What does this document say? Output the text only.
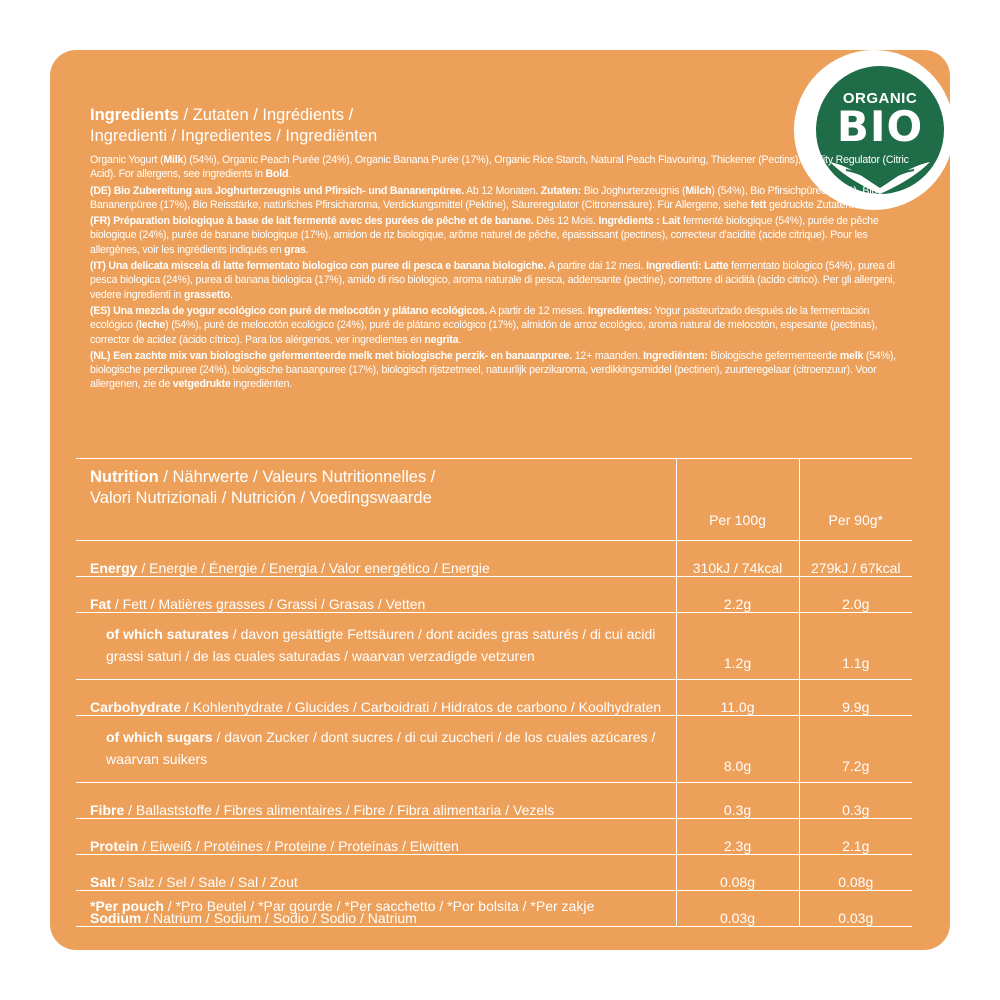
ORGANIC
BIO
Ingredients / Zutaten / Ingrédients /
Ingredienti / Ingredientes / Ingrediënten

Organic Yogurt (Milk) (54%), Organic Peach Purée (24%), Organic Banana Purée (17%), Organic Rice Starch, Natural Peach Flavouring, Thickener (Pectins), Acidity Regulator (Citric Acid). For allergens, see ingredients in Bold.

(DE) Bio Zubereitung aus Joghurterzeugnis und Pfirsich- und Bananenpüree. Ab 12 Monaten. Zutaten: Bio Joghurterzeugnis (Milch) (54%), Bio Pfirsichpüree (24%), Bio Bananenpüree (17%), Bio Reisstärke, natürliches Pfirsicharoma, Verdickungsmittel (Pektine), Säureregulator (Citronensäure). Für Allergene, siehe fett gedruckte Zutaten.

(FR) Préparation biologique à base de lait fermenté avec des purées de pêche et de banane. Dès 12 Mois. Ingrédients : Lait fermenté biologique (54%), purée de pêche biologique (24%), purée de banane biologique (17%), amidon de riz biologique, arôme naturel de pêche, épaississant (pectines), correcteur d'acidité (acide citrique). Pour les allergènes, voir les ingrédients indiqués en gras.

(IT) Una delicata miscela di latte fermentato biologico con puree di pesca e banana biologiche. A partire dai 12 mesi. Ingredienti: Latte fermentato biologico (54%), purea di pesca biologica (24%), purea di banana biologica (17%), amido di riso biologico, aroma naturale di pesca, addensante (pectine), correttore di acidità (acido citrico). Per gli allergeni, vedere ingredienti in grassetto.

(ES) Una mezcla de yogur ecológico con puré de melocotón y plátano ecológicos. A partir de 12 meses. Ingredientes: Yogur pasteurizado después de la fermentación ecológico (leche) (54%), puré de melocotón ecológico (24%), puré de plátano ecológico (17%), almidón de arroz ecológico, aroma natural de melocotón, espesante (pectinas), corrector de acidez (ácido cítrico). Para los alérgenos, ver ingredientes en negrita.

(NL) Een zachte mix van biologische gefermenteerde melk met biologische perzik- en banaanpuree. 12+ maanden. Ingrediënten: Biologische gefermenteerde melk (54%), biologische perzikpuree (24%), biologische banaanpuree (17%), biologisch rijstzetmeel, natuurlijk perzikaroma, verdikkingsmiddel (pectinen), zuurteregelaar (citroenzuur). Voor allergenen, zie de vetgedrukte ingrediënten.

Nutrition / Nährwerte / Valeurs Nutritionnelles /
Valori Nutrizionali / Nutrición / Voedingswaarde	Per 100g	Per 90g*
Energy / Energie / Énergie / Energia / Valor energético / Energie	310kJ / 74kcal	279kJ / 67kcal
Fat / Fett / Matières grasses / Grassi / Grasas / Vetten	2.2g	2.0g
of which saturates / davon gesättigte Fettsäuren / dont acides gras saturés / di cui acidi grassi saturi / de las cuales saturadas / waarvan verzadigde vetzuren	1.2g	1.1g
Carbohydrate / Kohlenhydrate / Glucides / Carboidrati / Hidratos de carbono / Koolhydraten	11.0g	9.9g
of which sugars / davon Zucker / dont sucres / di cui zuccheri / de los cuales azúcares / waarvan suikers	8.0g	7.2g
Fibre / Ballaststoffe / Fibres alimentaires / Fibre / Fibra alimentaria / Vezels	0.3g	0.3g
Protein / Eiweiß / Protéines / Proteine / Proteínas / Eiwitten	2.3g	2.1g
Salt / Salz / Sel / Sale / Sal / Zout	0.08g	0.08g
Sodium / Natrium / Sodium / Sodio / Sodio / Natrium	0.03g	0.03g
*Per pouch / *Pro Beutel / *Par gourde / *Per sacchetto / *Por bolsita / *Per zakje
